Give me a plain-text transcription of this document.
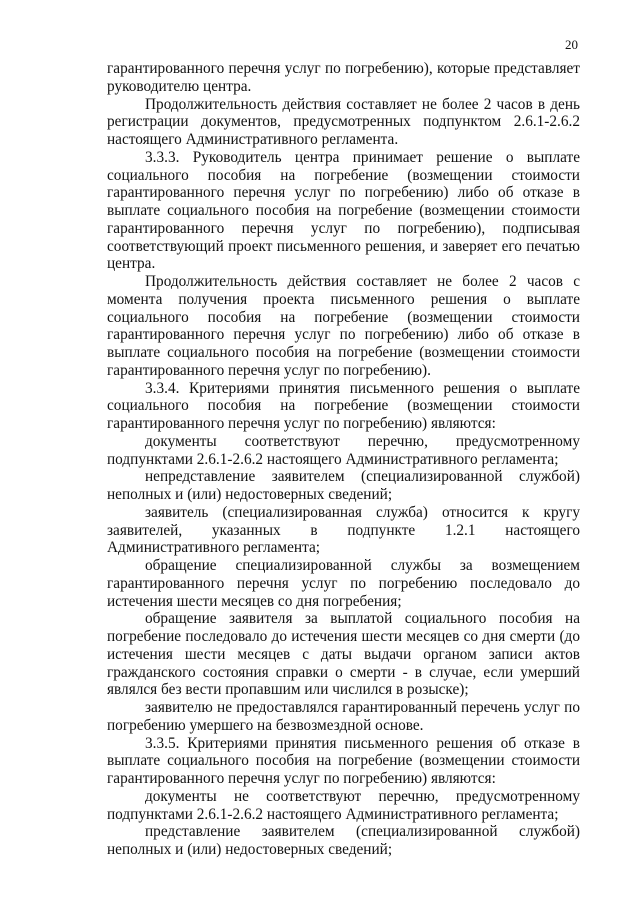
20

гарантированного перечня услуг по погребению), которые представляет руководителю центра.

Продолжительность действия составляет не более 2 часов в день регистрации документов, предусмотренных подпунктом 2.6.1-2.6.2 настоящего Административного регламента.

3.3.3. Руководитель центра принимает решение о выплате социального пособия на погребение (возмещении стоимости гарантированного перечня услуг по погребению) либо об отказе в выплате социального пособия на погребение (возмещении стоимости гарантированного перечня услуг по погребению), подписывая соответствующий проект письменного решения, и заверяет его печатью центра.

Продолжительность действия составляет не более 2 часов с момента получения проекта письменного решения о выплате социального пособия на погребение (возмещении стоимости гарантированного перечня услуг по погребению) либо об отказе в выплате социального пособия на погребение (возмещении стоимости гарантированного перечня услуг по погребению).

3.3.4. Критериями принятия письменного решения о выплате социального пособия на погребение (возмещении стоимости гарантированного перечня услуг по погребению) являются:

документы соответствуют перечню, предусмотренному подпунктами 2.6.1-2.6.2 настоящего Административного регламента;

непредставление заявителем (специализированной службой) неполных и (или) недостоверных сведений;

заявитель (специализированная служба) относится к кругу заявителей, указанных в подпункте 1.2.1 настоящего Административного регламента;

обращение специализированной службы за возмещением гарантированного перечня услуг по погребению последовало до истечения шести месяцев со дня погребения;

обращение заявителя за выплатой социального пособия на погребение последовало до истечения шести месяцев со дня смерти (до истечения шести месяцев с даты выдачи органом записи актов гражданского состояния справки о смерти - в случае, если умерший являлся без вести пропавшим или числился в розыске);

заявителю не предоставлялся гарантированный перечень услуг по погребению умершего на безвозмездной основе.

3.3.5. Критериями принятия письменного решения об отказе в выплате социального пособия на погребение (возмещении стоимости гарантированного перечня услуг по погребению) являются:

документы не соответствуют перечню, предусмотренному подпунктами 2.6.1-2.6.2 настоящего Административного регламента;

представление заявителем (специализированной службой) неполных и (или) недостоверных сведений;
